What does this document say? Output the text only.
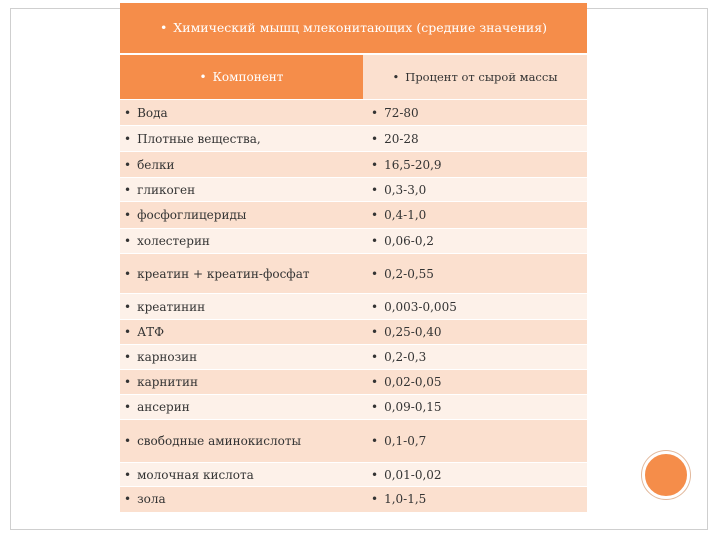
• Химический мышц млеконитающих (средние значения)	
• Компонент	• Процент от сырой массы
• Вода	• 72-80
• Плотные вещества,	• 20-28
• белки	• 16,5-20,9
• гликоген	• 0,3-3,0
• фосфоглицериды	• 0,4-1,0
• холестерин	• 0,06-0,2
• креатин + креатин-фосфат	• 0,2-0,55
• креатинин	• 0,003-0,005
• АТФ	• 0,25-0,40
• карнозин	• 0,2-0,3
• карнитин	• 0,02-0,05
• ансерин	• 0,09-0,15
• свободные аминокислоты	• 0,1-0,7
• молочная кислота	• 0,01-0,02
• зола	• 1,0-1,5
